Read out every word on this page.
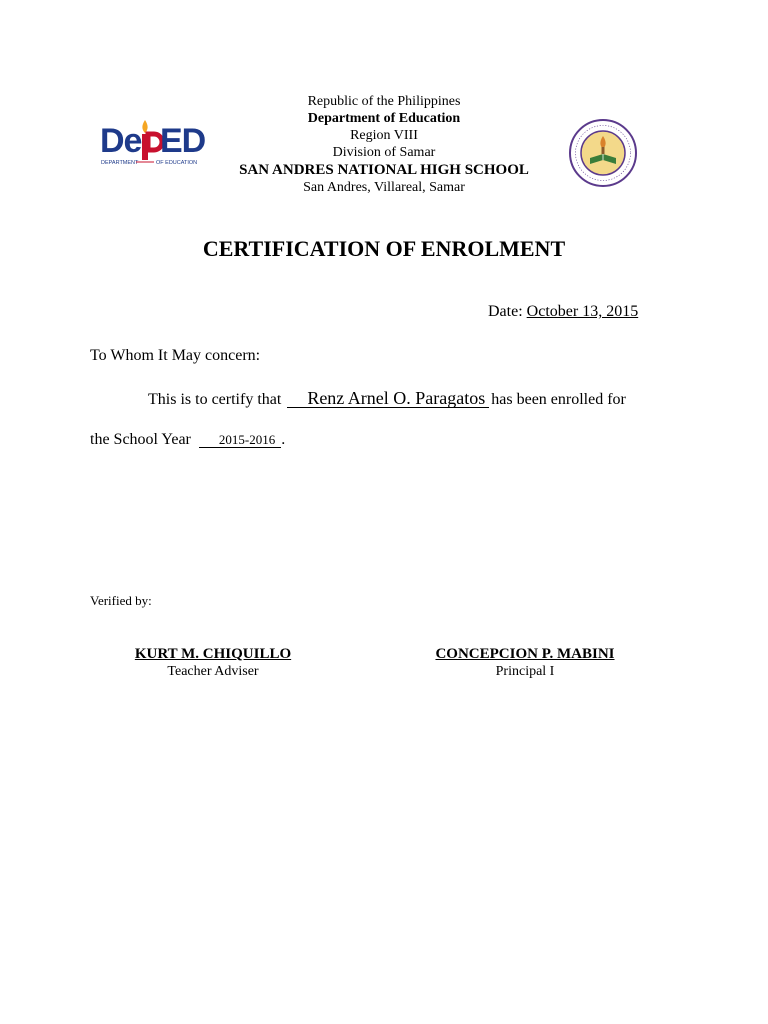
De ED
DEPARTMENT	OF EDUCATION
Republic of the Philippines
Department of Education
Region VIII
Division of Samar
SAN ANDRES NATIONAL HIGH SCHOOL
San Andres, Villareal, Samar
CERTIFICATION OF ENROLMENT
Date: October 13, 2015
To Whom It May concern:
This is to certify that Renz Arnel O. Paragatos has been enrolled for
the School Year 2015-2016 .
Verified by:
KURT M. CHIQUILLO
Teacher Adviser
CONCEPCION P. MABINI
Principal I
